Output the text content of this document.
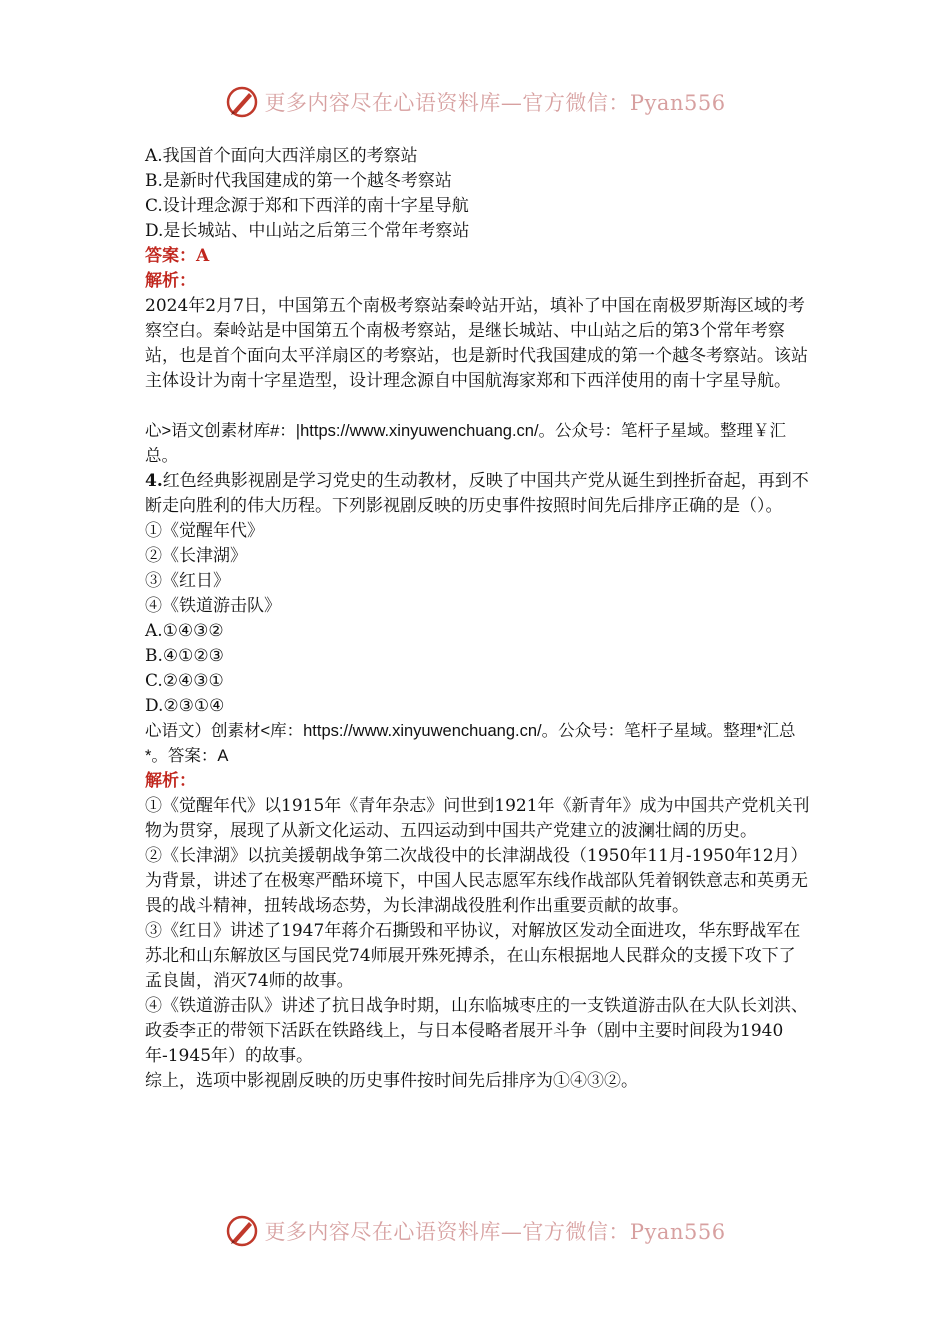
更多内容尽在心语资料库—官方微信：Pyan556

A.我国首个面向大西洋扇区的考察站

B.是新时代我国建成的第一个越冬考察站

C.设计理念源于郑和下西洋的南十字星导航

D.是长城站、中山站之后第三个常年考察站

答案：A

解析：

2024年2月7日，中国第五个南极考察站秦岭站开站，填补了中国在南极罗斯海区域的考察空白。秦岭站是中国第五个南极考察站，是继长城站、中山站之后的第3个常年考察站，也是首个面向太平洋扇区的考察站，也是新时代我国建成的第一个越冬考察站。该站主体设计为南十字星造型，设计理念源自中国航海家郑和下西洋使用的南十字星导航。

心>语文创素材库#：|https://www.xinyuwenchuang.cn/。公众号：笔杆子星域。整理￥汇总。

4.红色经典影视剧是学习党史的生动教材，反映了中国共产党从诞生到挫折奋起，再到不断走向胜利的伟大历程。下列影视剧反映的历史事件按照时间先后排序正确的是（）。

①《觉醒年代》

②《长津湖》

③《红日》

④《铁道游击队》

A.①④③②

B.④①②③

C.②④③①

D.②③①④

心语文）创素材<库：https://www.xinyuwenchuang.cn/。公众号：笔杆子星域。整理*汇总*。答案：A

解析：

①《觉醒年代》以1915年《青年杂志》问世到1921年《新青年》成为中国共产党机关刊物为贯穿，展现了从新文化运动、五四运动到中国共产党建立的波澜壮阔的历史。

②《长津湖》以抗美援朝战争第二次战役中的长津湖战役（1950年11月-1950年12月）为背景，讲述了在极寒严酷环境下，中国人民志愿军东线作战部队凭着钢铁意志和英勇无畏的战斗精神，扭转战场态势，为长津湖战役胜利作出重要贡献的故事。

③《红日》讲述了1947年蒋介石撕毁和平协议，对解放区发动全面进攻，华东野战军在苏北和山东解放区与国民党74师展开殊死搏杀，在山东根据地人民群众的支援下攻下了孟良崮，消灭74师的故事。

④《铁道游击队》讲述了抗日战争时期，山东临城枣庄的一支铁道游击队在大队长刘洪、政委李正的带领下活跃在铁路线上，与日本侵略者展开斗争（剧中主要时间段为1940年-1945年）的故事。

综上，选项中影视剧反映的历史事件按时间先后排序为①④③②。

更多内容尽在心语资料库—官方微信：Pyan556
